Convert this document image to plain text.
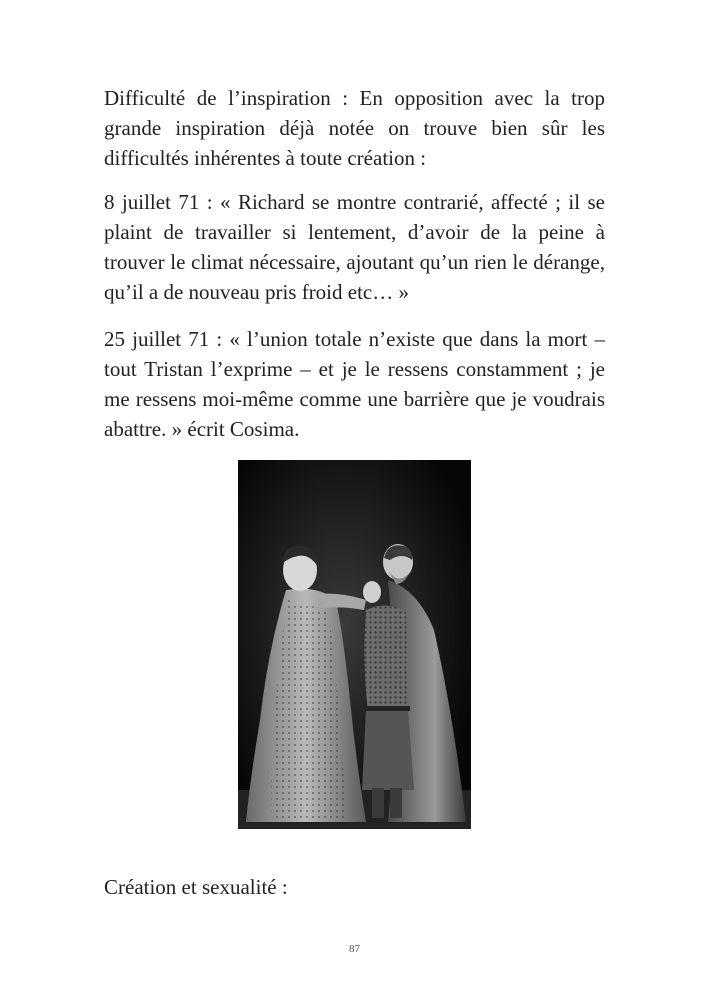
Difficulté de l’inspiration : En opposition avec la trop grande inspiration déjà notée on trouve bien sûr les difficultés inhérentes à toute création :

8 juillet 71 : « Richard se montre contrarié, affecté ; il se plaint de travailler si lentement, d’avoir de la peine à trouver le climat nécessaire, ajoutant qu’un rien le dérange, qu’il a de nouveau pris froid etc… »

25 juillet 71 : « l’union totale n’existe que dans la mort – tout Tristan l’exprime – et je le ressens constamment ; je me ressens moi-même comme une barrière que je voudrais abattre. » écrit Cosima.

Création et sexualité :

87
